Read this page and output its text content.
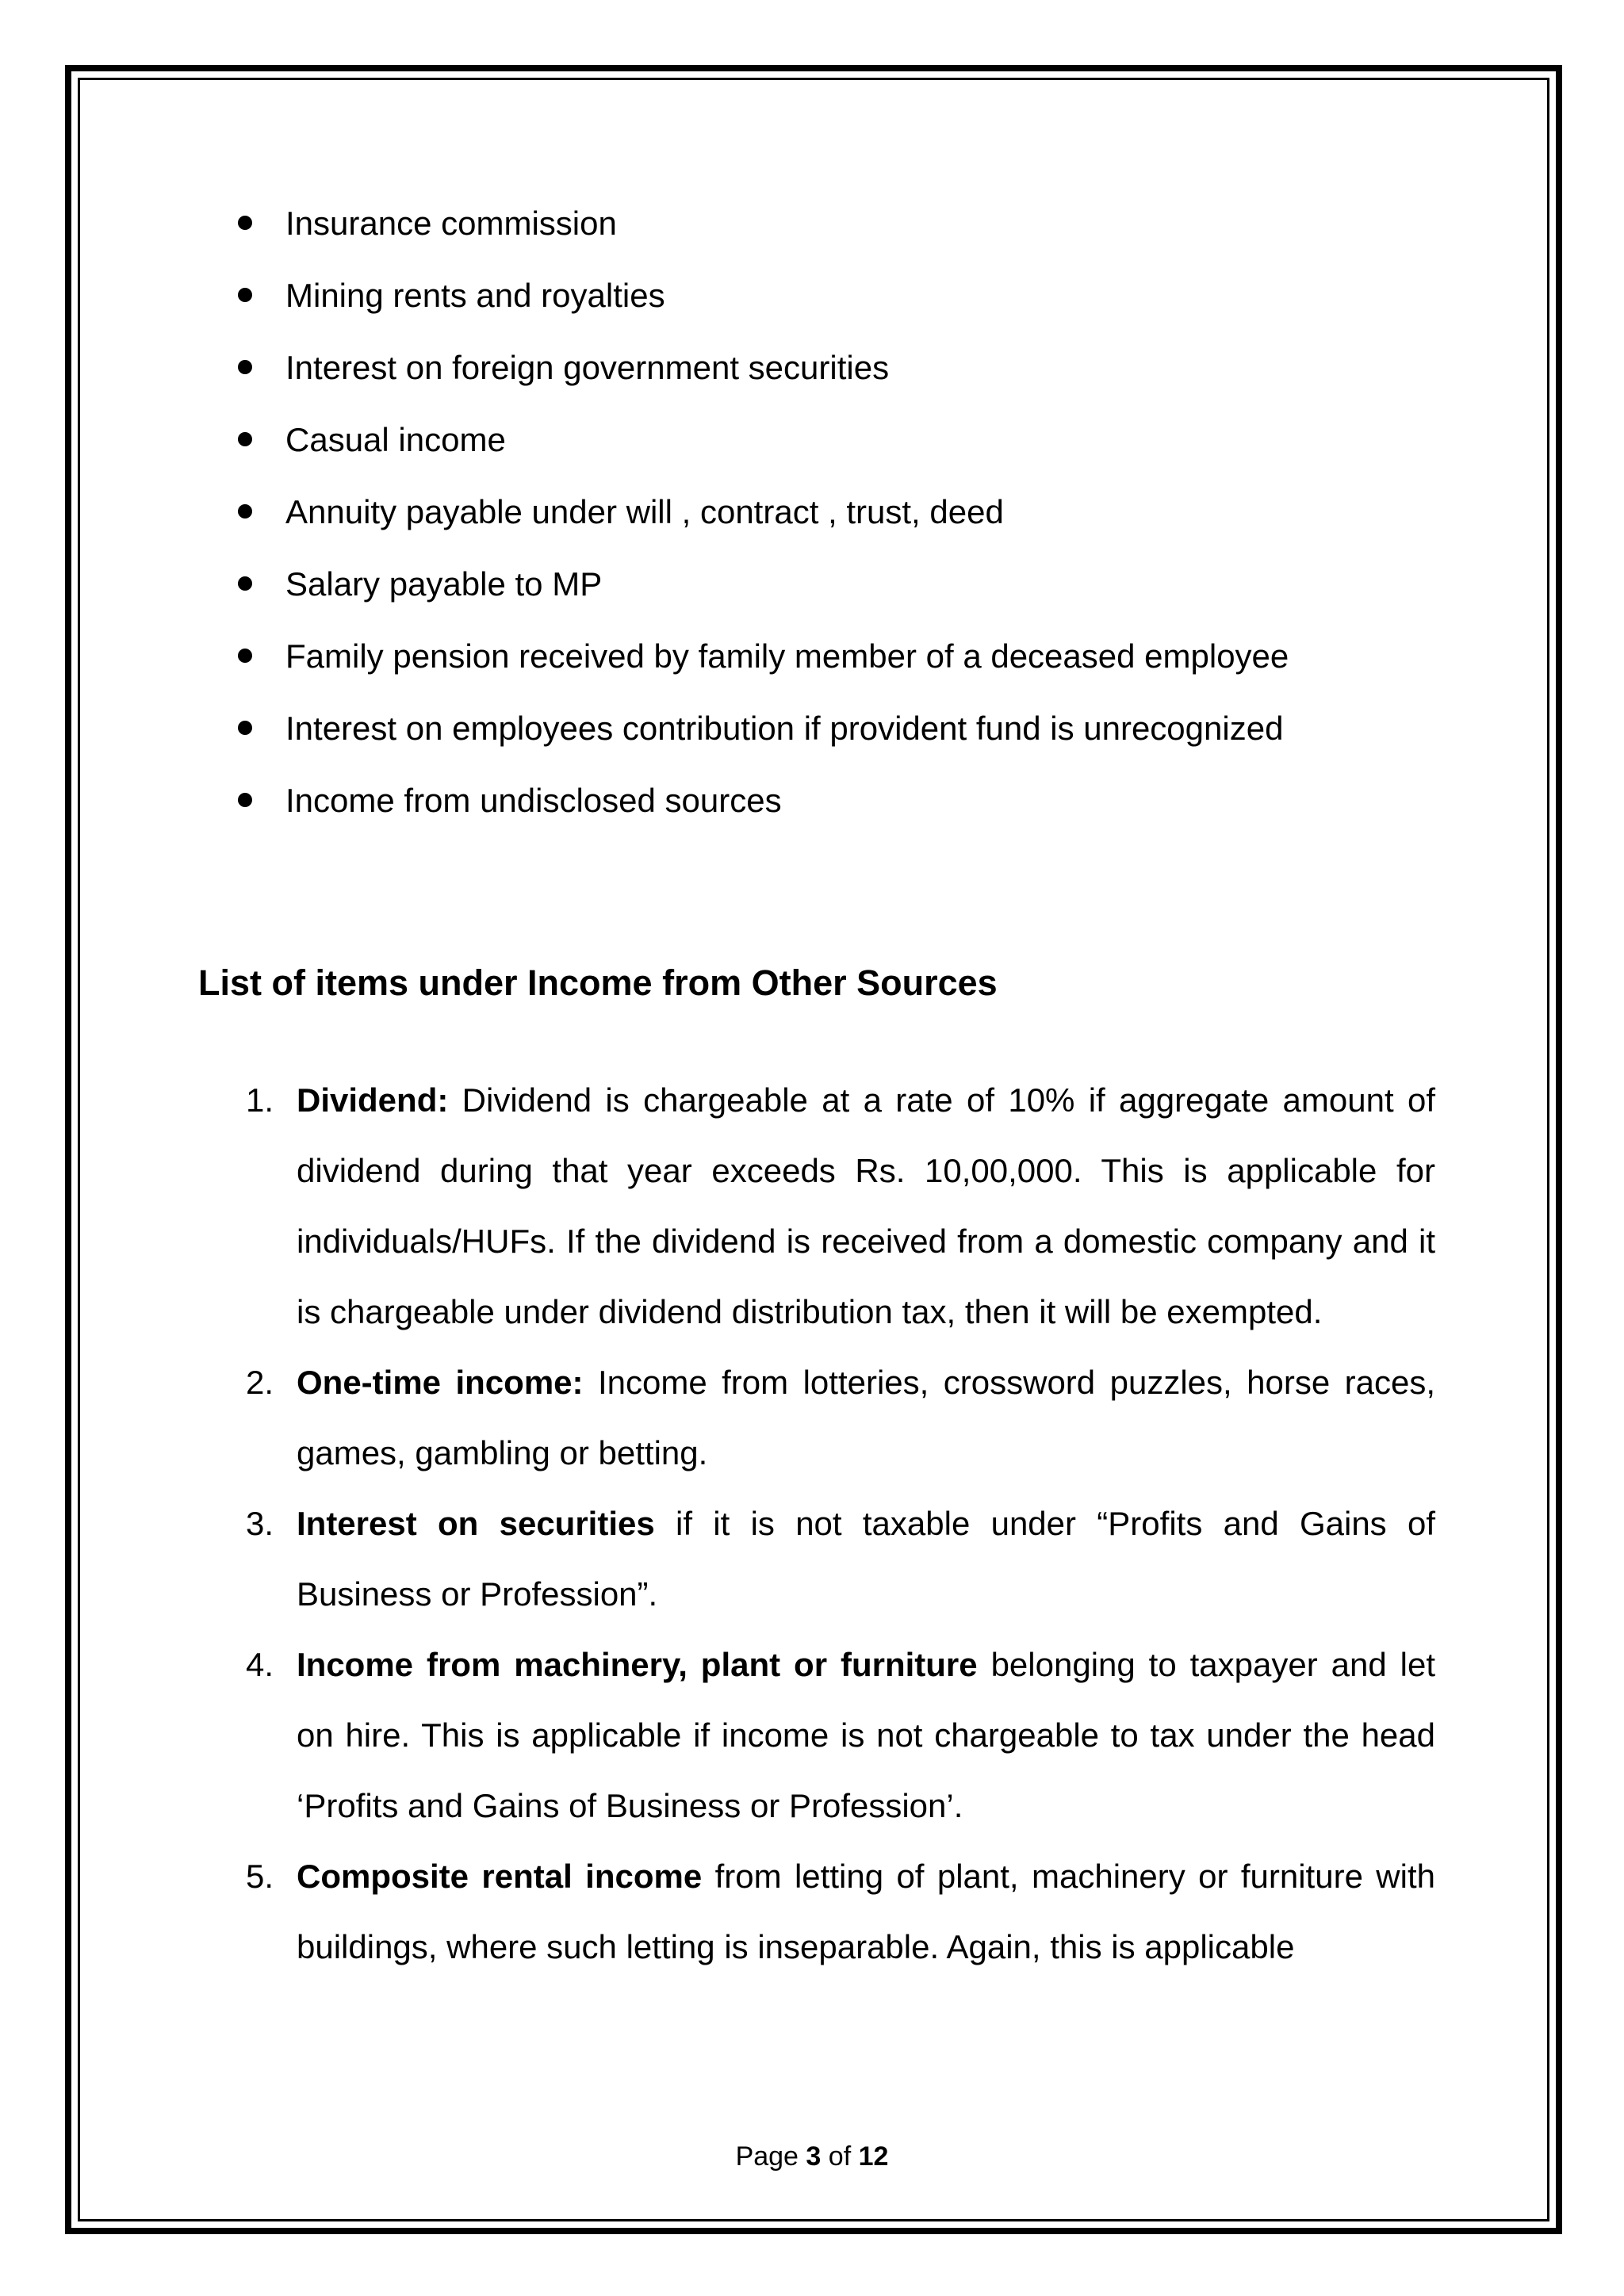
Insurance commission
Mining rents and royalties
Interest on foreign government securities
Casual income
Annuity payable under will , contract , trust, deed
Salary payable to MP
Family pension received by family member of a deceased employee
Interest on employees contribution if provident fund is unrecognized
Income from undisclosed sources
List of items under Income from Other Sources
1. Dividend: Dividend is chargeable at a rate of 10% if aggregate amount of dividend during that year exceeds Rs. 10,00,000. This is applicable for individuals/HUFs. If the dividend is received from a domestic company and it is chargeable under dividend distribution tax, then it will be exempted.
2. One-time income: Income from lotteries, crossword puzzles, horse races, games, gambling or betting.
3. Interest on securities if it is not taxable under “Profits and Gains of Business or Profession”.
4. Income from machinery, plant or furniture belonging to taxpayer and let on hire. This is applicable if income is not chargeable to tax under the head ‘Profits and Gains of Business or Profession’.
5. Composite rental income from letting of plant, machinery or furniture with buildings, where such letting is inseparable. Again, this is applicable
Page 3 of 12
